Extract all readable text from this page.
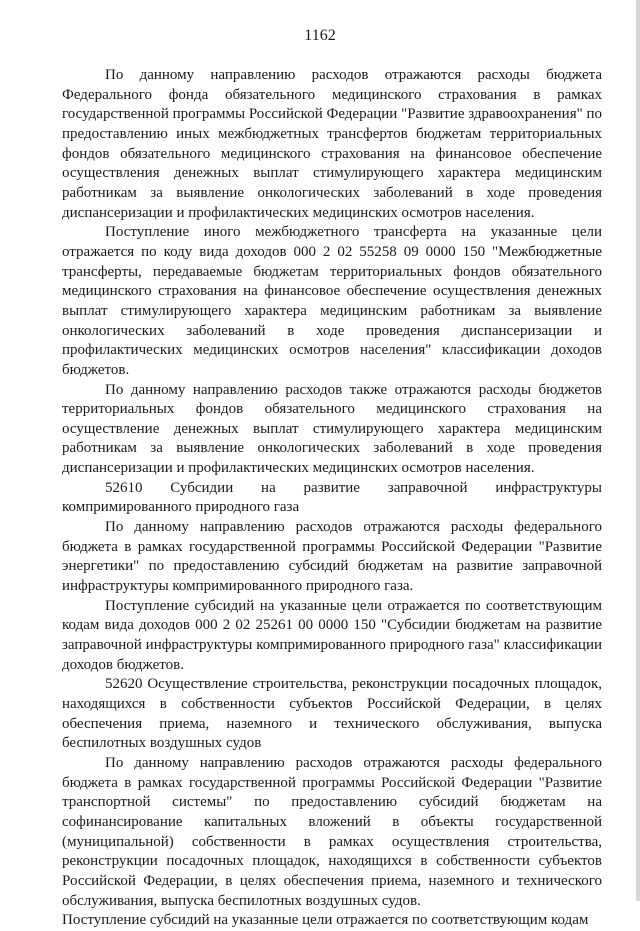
1162

По данному направлению расходов отражаются расходы бюджета Федерального фонда обязательного медицинского страхования в рамках государственной программы Российской Федерации "Развитие здравоохранения" по предоставлению иных межбюджетных трансфертов бюджетам территориальных фондов обязательного медицинского страхования на финансовое обеспечение осуществления денежных выплат стимулирующего характера медицинским работникам за выявление онкологических заболеваний в ходе проведения диспансеризации и профилактических медицинских осмотров населения.

Поступление иного межбюджетного трансферта на указанные цели отражается по коду вида доходов 000 2 02 55258 09 0000 150 "Межбюджетные трансферты, передаваемые бюджетам территориальных фондов обязательного медицинского страхования на финансовое обеспечение осуществления денежных выплат стимулирующего характера медицинским работникам за выявление онкологических заболеваний в ходе проведения диспансеризации и профилактических медицинских осмотров населения" классификации доходов бюджетов.

По данному направлению расходов также отражаются расходы бюджетов территориальных фондов обязательного медицинского страхования на осуществление денежных выплат стимулирующего характера медицинским работникам за выявление онкологических заболеваний в ходе проведения диспансеризации и профилактических медицинских осмотров населения.

52610 Субсидии на развитие заправочной инфраструктуры компримированного природного газа

По данному направлению расходов отражаются расходы федерального бюджета в рамках государственной программы Российской Федерации "Развитие энергетики" по предоставлению субсидий бюджетам на развитие заправочной инфраструктуры компримированного природного газа.

Поступление субсидий на указанные цели отражается по соответствующим кодам вида доходов 000 2 02 25261 00 0000 150 "Субсидии бюджетам на развитие заправочной инфраструктуры компримированного природного газа" классификации доходов бюджетов.

52620 Осуществление строительства, реконструкции посадочных площадок, находящихся в собственности субъектов Российской Федерации, в целях обеспечения приема, наземного и технического обслуживания, выпуска беспилотных воздушных судов

По данному направлению расходов отражаются расходы федерального бюджета в рамках государственной программы Российской Федерации "Развитие транспортной системы" по предоставлению субсидий бюджетам на софинансирование капитальных вложений в объекты государственной (муниципальной) собственности в рамках осуществления строительства, реконструкции посадочных площадок, находящихся в собственности субъектов Российской Федерации, в целях обеспечения приема, наземного и технического обслуживания, выпуска беспилотных воздушных судов.

Поступление субсидий на указанные цели отражается по соответствующим кодам
